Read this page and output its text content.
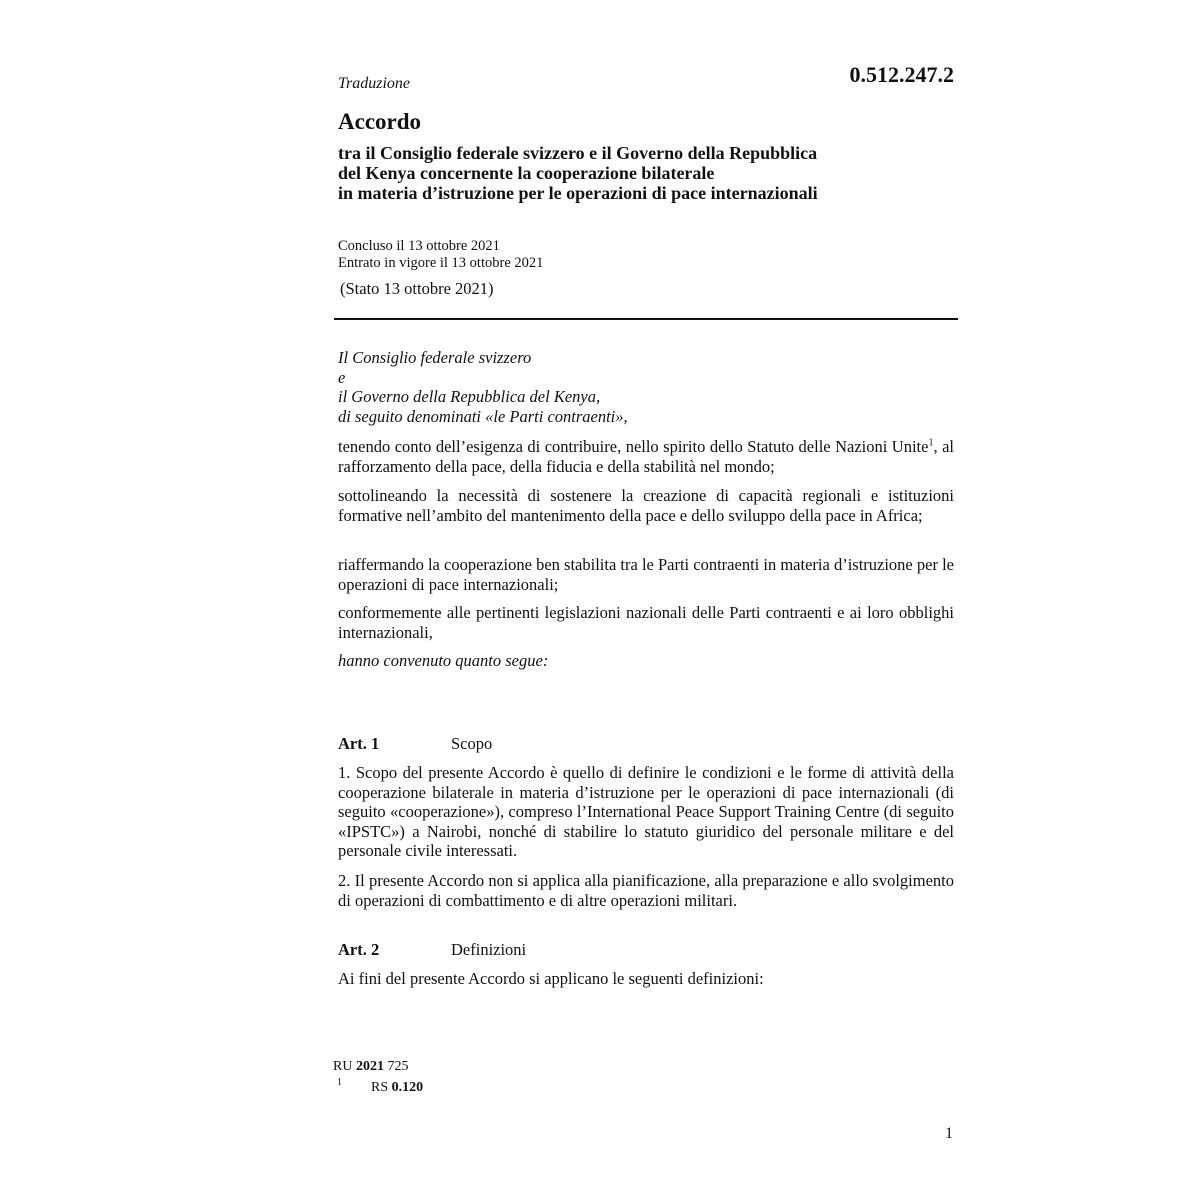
Traduzione	0.512.247.2

Accordo
tra il Consiglio federale svizzero e il Governo della Repubblica
del Kenya concernente la cooperazione bilaterale
in materia d’istruzione per le operazioni di pace internazionali
Concluso il 13 ottobre 2021
Entrato in vigore il 13 ottobre 2021

(Stato 13 ottobre 2021)

Il Consiglio federale svizzero
e
il Governo della Repubblica del Kenya,
di seguito denominati «le Parti contraenti»,

tenendo conto dell’esigenza di contribuire, nello spirito dello Statuto delle Nazioni Unite$^1$, al rafforzamento della pace, della fiducia e della stabilità nel mondo;

sottolineando la necessità di sostenere la creazione di capacità regionali e istituzioni formative nell’ambito del mantenimento della pace e dello sviluppo della pace in Africa;

riaffermando la cooperazione ben stabilita tra le Parti contraenti in materia d’istruzione per le operazioni di pace internazionali;

conformemente alle pertinenti legislazioni nazionali delle Parti contraenti e ai loro obblighi internazionali,

hanno convenuto quanto segue:

Art. 1	Scopo

1. Scopo del presente Accordo è quello di definire le condizioni e le forme di attività della cooperazione bilaterale in materia d’istruzione per le operazioni di pace internazionali (di seguito «cooperazione»), compreso l’International Peace Support Training Centre (di seguito «IPSTC») a Nairobi, nonché di stabilire lo statuto giuridico del personale militare e del personale civile interessati.

2. Il presente Accordo non si applica alla pianificazione, alla preparazione e allo svolgimento di operazioni di combattimento e di altre operazioni militari.

Art. 2	Definizioni

Ai fini del presente Accordo si applicano le seguenti definizioni:

RU 2021 725

1 RS 0.120

1
